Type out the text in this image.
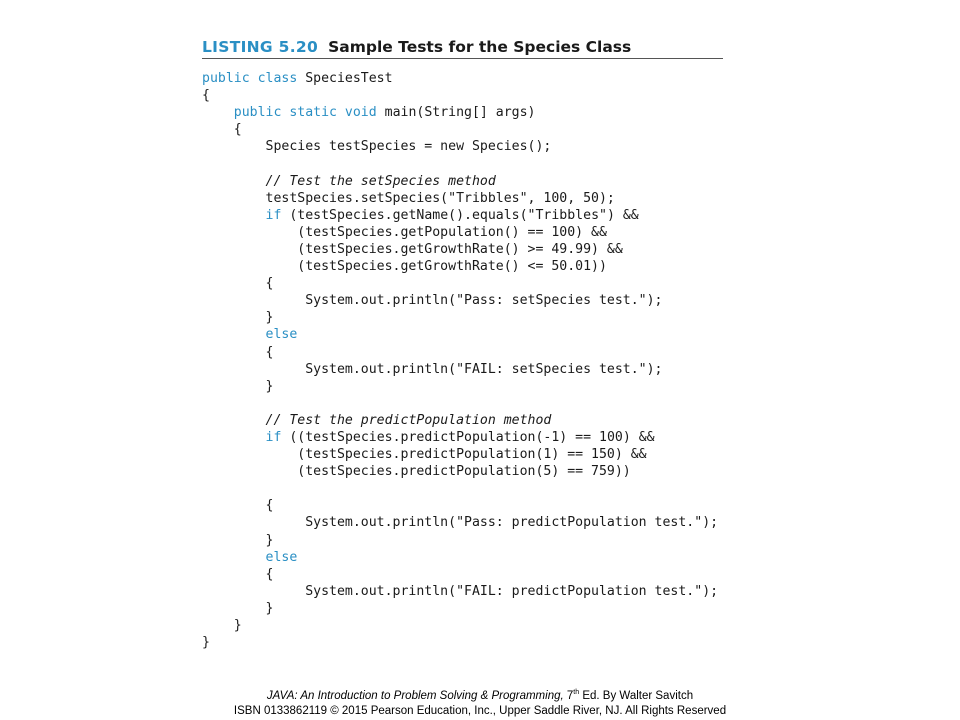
LISTING 5.20 Sample Tests for the Species Class
public class SpeciesTest
{
public static void main(String[] args)
{
Species testSpecies = new Species();
// Test the setSpecies method
testSpecies.setSpecies("Tribbles", 100, 50);
if (testSpecies.getName().equals("Tribbles") &&
(testSpecies.getPopulation() == 100) &&
(testSpecies.getGrowthRate() >= 49.99) &&
(testSpecies.getGrowthRate() <= 50.01))
{
System.out.println("Pass: setSpecies test.");
}
else
{
System.out.println("FAIL: setSpecies test.");
}
// Test the predictPopulation method
if ((testSpecies.predictPopulation(-1) == 100) &&
(testSpecies.predictPopulation(1) == 150) &&
(testSpecies.predictPopulation(5) == 759))
{
System.out.println("Pass: predictPopulation test.");
}
else
{
System.out.println("FAIL: predictPopulation test.");
}
}
}
JAVA: An Introduction to Problem Solving & Programming, 7th Ed. By Walter Savitch
ISBN 0133862119 © 2015 Pearson Education, Inc., Upper Saddle River, NJ. All Rights Reserved
